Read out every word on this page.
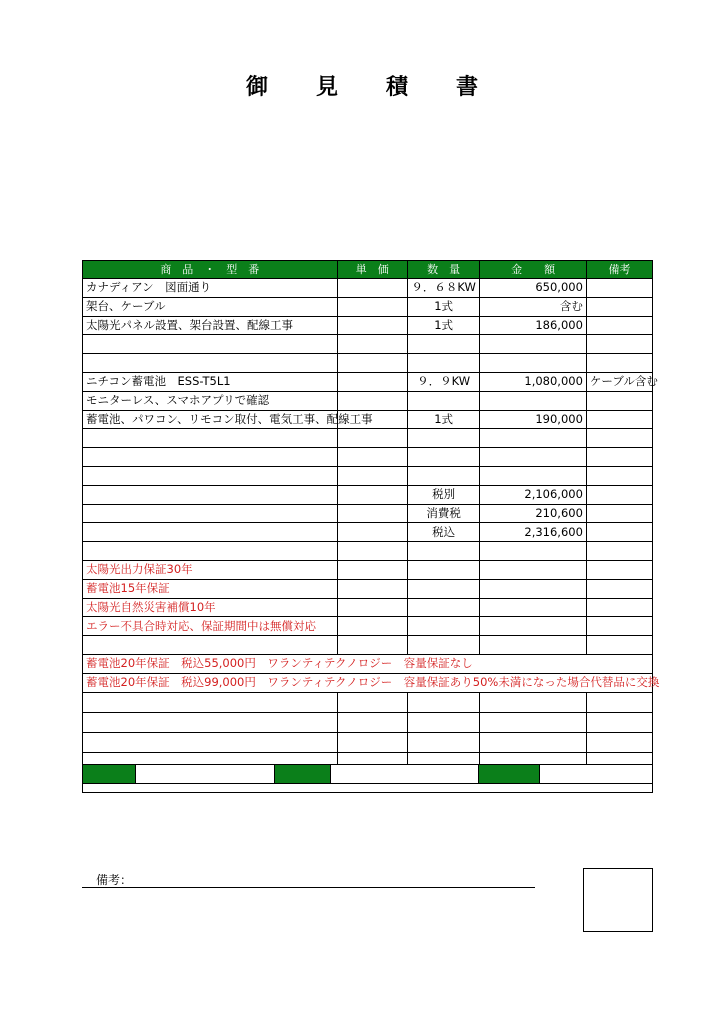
御 見 積 書
商　品　・　型　番	単　価	数　量	金　　額	備考
カナディアン　図面通り		９．６８KW	650,000	
架台、ケーブル		1式	含む	
太陽光パネル設置、架台設置、配線工事		1式	186,000	

ニチコン蓄電池　ESS-T5L1		９．９KW	1,080,000	ケーブル含む
モニターレス、スマホアプリで確認				
蓄電池、パワコン、リモコン取付、電気工事、配線工事		1式	190,000	

		税別	2,106,000	
		消費税	210,600	
		税込	2,316,600	

太陽光出力保証30年				
蓄電池15年保証				
太陽光自然災害補償10年				
エラー不具合時対応、保証期間中は無償対応				

蓄電池20年保証　税込55,000円　ワランティテクノロジー　容量保証なし				
蓄電池20年保証　税込99,000円　ワランティテクノロジー　容量保証あり50%未満になった場合代替品に交換				

備考：
